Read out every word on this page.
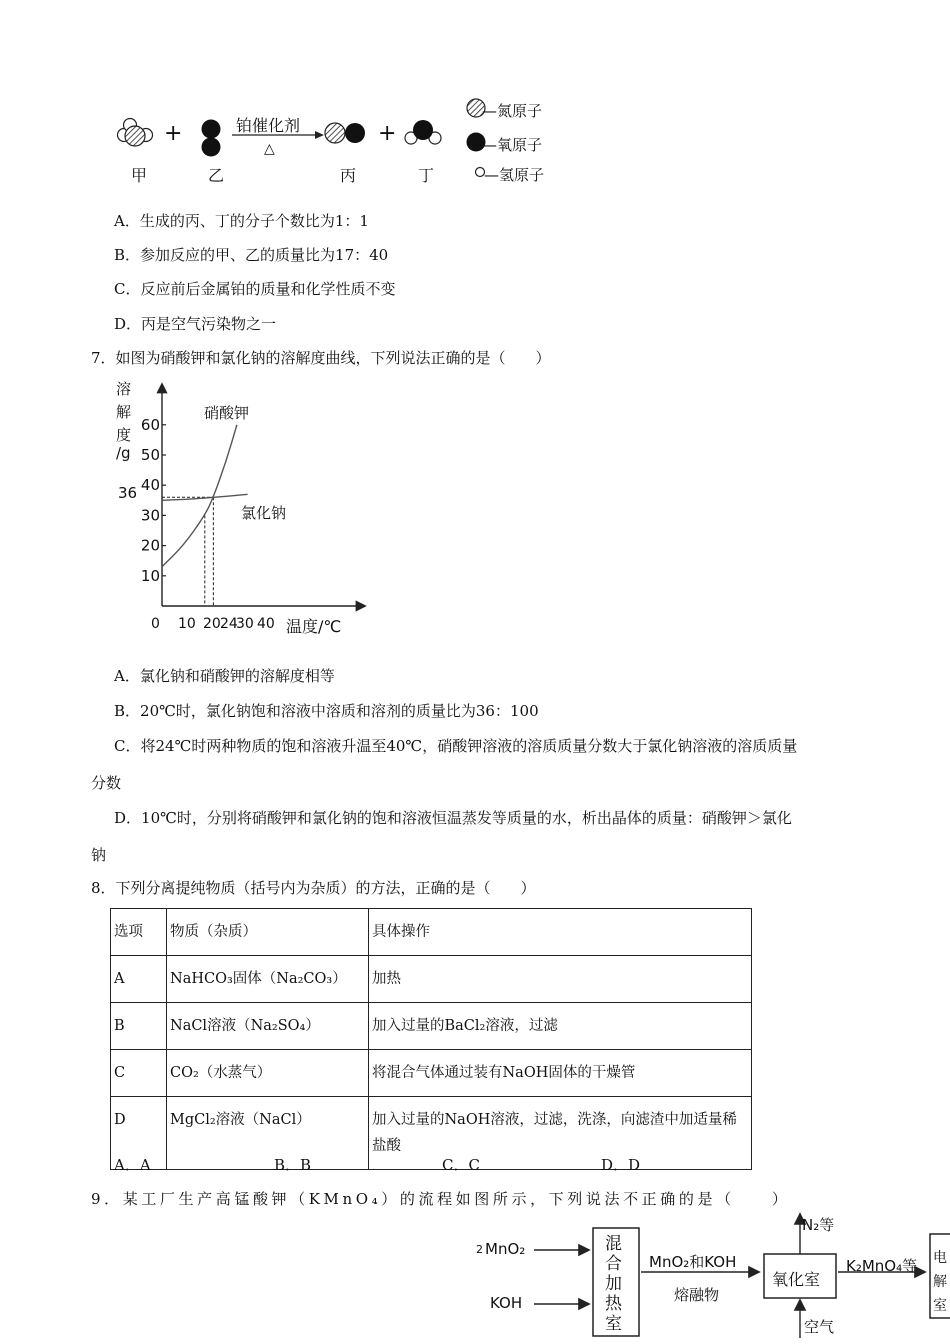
+	+
铂催化剂
△
甲	乙	丙	丁
—氮原子
—氧原子
—氢原子
A．生成的丙、丁的分子个数比为1：1
B．参加反应的甲、乙的质量比为17：40
C．反应前后金属铂的质量和化学性质不变
D．丙是空气污染物之一
7．如图为硝酸钾和氯化钠的溶解度曲线，下列说法正确的是（　　）
10
20
30
40
50
60
溶
解
度
/g
36
硝酸钾
氯化钠
0 10 20 24
30 40 温度/℃
A．氯化钠和硝酸钾的溶解度相等
B．20℃时，氯化钠饱和溶液中溶质和溶剂的质量比为36：100
C．将24℃时两种物质的饱和溶液升温至40℃，硝酸钾溶液的溶质质量分数大于氯化钠溶液的溶质质量
分数
D．10℃时，分别将硝酸钾和氯化钠的饱和溶液恒温蒸发等质量的水，析出晶体的质量：硝酸钾＞氯化
钠
8．下列分离提纯物质（括号内为杂质）的方法，正确的是（　　）
选项	物质（杂质）	具体操作
A	NaHCO₃固体（Na₂CO₃）	加热
B	NaCl溶液（Na₂SO₄）	加入过量的BaCl₂溶液，过滤
C	CO₂（水蒸气）	将混合气体通过装有NaOH固体的干燥管
D	MgCl₂溶液（NaCl）	加入过量的NaOH溶液，过滤，洗涤，向滤渣中加适量稀盐酸
A．A	B．B	C．C	D．D
9．某工厂生产高锰酸钾（KMnO₄）的流程如图所示，下列说法不正确的是（　　）
2 MnO₂
KOH
混
合
加
热
室
MnO₂和KOH
熔融物
氧化室
N₂等
空气
K₂MnO₄等 电
解
室
